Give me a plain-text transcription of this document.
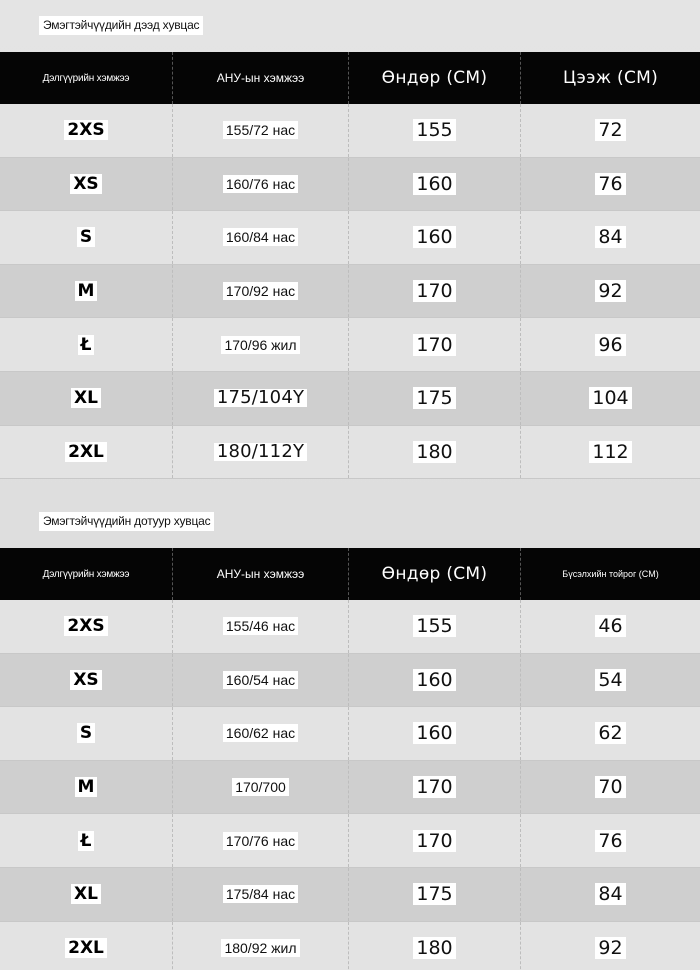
Эмэгтэйчүүдийн дээд хувцас
Дэлгүүрийн хэмжээ	АНУ-ын хэмжээ	Өндөр (СМ)	Цээж (СМ)
2XS	155/72 нас	155	72
XS	160/76 нас	160	76
S	160/84 нас	160	84
M	170/92 нас	170	92
Ł	170/96 жил	170	96
XL	175/104Y	175	104
2XL	180/112Y	180	112
Эмэгтэйчүүдийн дотуур хувцас
Дэлгүүрийн хэмжээ	АНУ-ын хэмжээ	Өндөр (СМ)	Бүсэлхийн тойрог (СМ)
2XS	155/46 нас	155	46
XS	160/54 нас	160	54
S	160/62 нас	160	62
M	170/700	170	70
Ł	170/76 нас	170	76
XL	175/84 нас	175	84
2XL	180/92 жил	180	92
